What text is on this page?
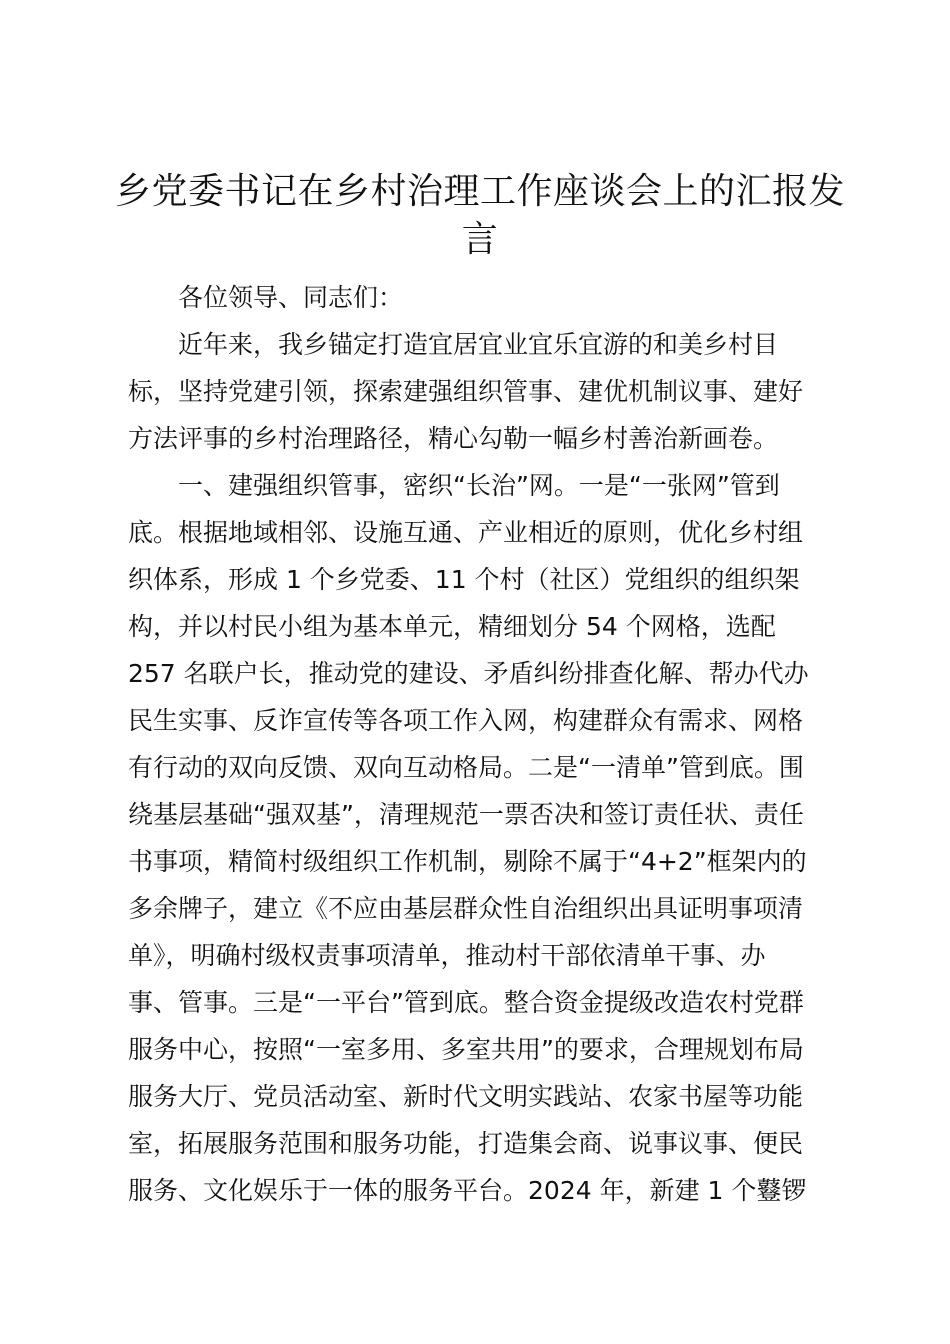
乡党委书记在乡村治理工作座谈会上的汇报发
言
各位领导、同志们：
近年来，我乡锚定打造宜居宜业宜乐宜游的和美乡村目
标，坚持党建引领，探索建强组织管事、建优机制议事、建好
方法评事的乡村治理路径，精心勾勒一幅乡村善治新画卷。
一、建强组织管事，密织“长治”网。一是“一张网”管到
底。根据地域相邻、设施互通、产业相近的原则，优化乡村组
织体系，形成 1 个乡党委、11 个村（社区）党组织的组织架
构，并以村民小组为基本单元，精细划分 54 个网格，选配
257 名联户长，推动党的建设、矛盾纠纷排查化解、帮办代办
民生实事、反诈宣传等各项工作入网，构建群众有需求、网格
有行动的双向反馈、双向互动格局。二是“一清单”管到底。围
绕基层基础“强双基”，清理规范一票否决和签订责任状、责任
书事项，精简村级组织工作机制，剔除不属于“4+2”框架内的
多余牌子，建立《不应由基层群众性自治组织出具证明事项清
单》，明确村级权责事项清单，推动村干部依清单干事、办
事、管事。三是“一平台”管到底。整合资金提级改造农村党群
服务中心，按照“一室多用、多室共用”的要求，合理规划布局
服务大厅、党员活动室、新时代文明实践站、农家书屋等功能
室，拓展服务范围和服务功能，打造集会商、说事议事、便民
服务、文化娱乐于一体的服务平台。2024 年，新建 1 个鼟锣
